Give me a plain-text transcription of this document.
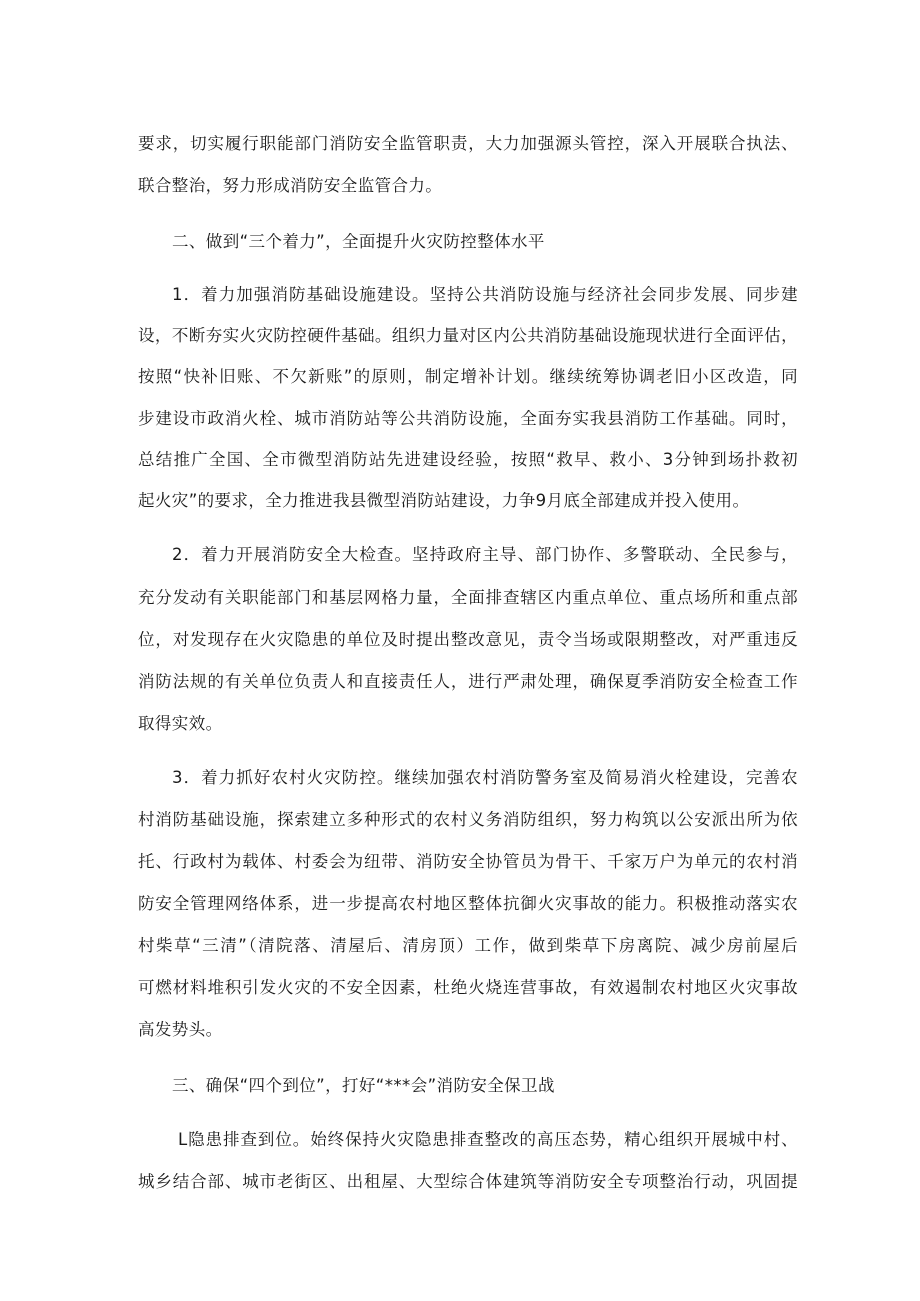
要求，切实履行职能部门消防安全监管职责，大力加强源头管控，深入开展联合执法、
联合整治，努力形成消防安全监管合力。
二、做到“三个着力”，全面提升火灾防控整体水平
1．着力加强消防基础设施建设。坚持公共消防设施与经济社会同步发展、同步建
设，不断夯实火灾防控硬件基础。组织力量对区内公共消防基础设施现状进行全面评估，
按照“快补旧账、不欠新账”的原则，制定增补计划。继续统筹协调老旧小区改造，同
步建设市政消火栓、城市消防站等公共消防设施，全面夯实我县消防工作基础。同时，
总结推广全国、全市微型消防站先进建设经验，按照“救早、救小、3分钟到场扑救初
起火灾”的要求，全力推进我县微型消防站建设，力争9月底全部建成并投入使用。
2．着力开展消防安全大检查。坚持政府主导、部门协作、多警联动、全民参与，
充分发动有关职能部门和基层网格力量，全面排查辖区内重点单位、重点场所和重点部
位，对发现存在火灾隐患的单位及时提出整改意见，责令当场或限期整改，对严重违反
消防法规的有关单位负责人和直接责任人，进行严肃处理，确保夏季消防安全检查工作
取得实效。
3．着力抓好农村火灾防控。继续加强农村消防警务室及简易消火栓建设，完善农
村消防基础设施，探索建立多种形式的农村义务消防组织，努力构筑以公安派出所为依
托、行政村为载体、村委会为纽带、消防安全协管员为骨干、千家万户为单元的农村消
防安全管理网络体系，进一步提高农村地区整体抗御火灾事故的能力。积极推动落实农
村柴草“三清”（清院落、清屋后、清房顶）工作，做到柴草下房离院、减少房前屋后
可燃材料堆积引发火灾的不安全因素，杜绝火烧连营事故，有效遏制农村地区火灾事故
高发势头。
三、确保“四个到位”，打好“***会”消防安全保卫战
L隐患排查到位。始终保持火灾隐患排查整改的高压态势，精心组织开展城中村、
城乡结合部、城市老街区、出租屋、大型综合体建筑等消防安全专项整治行动，巩固提
